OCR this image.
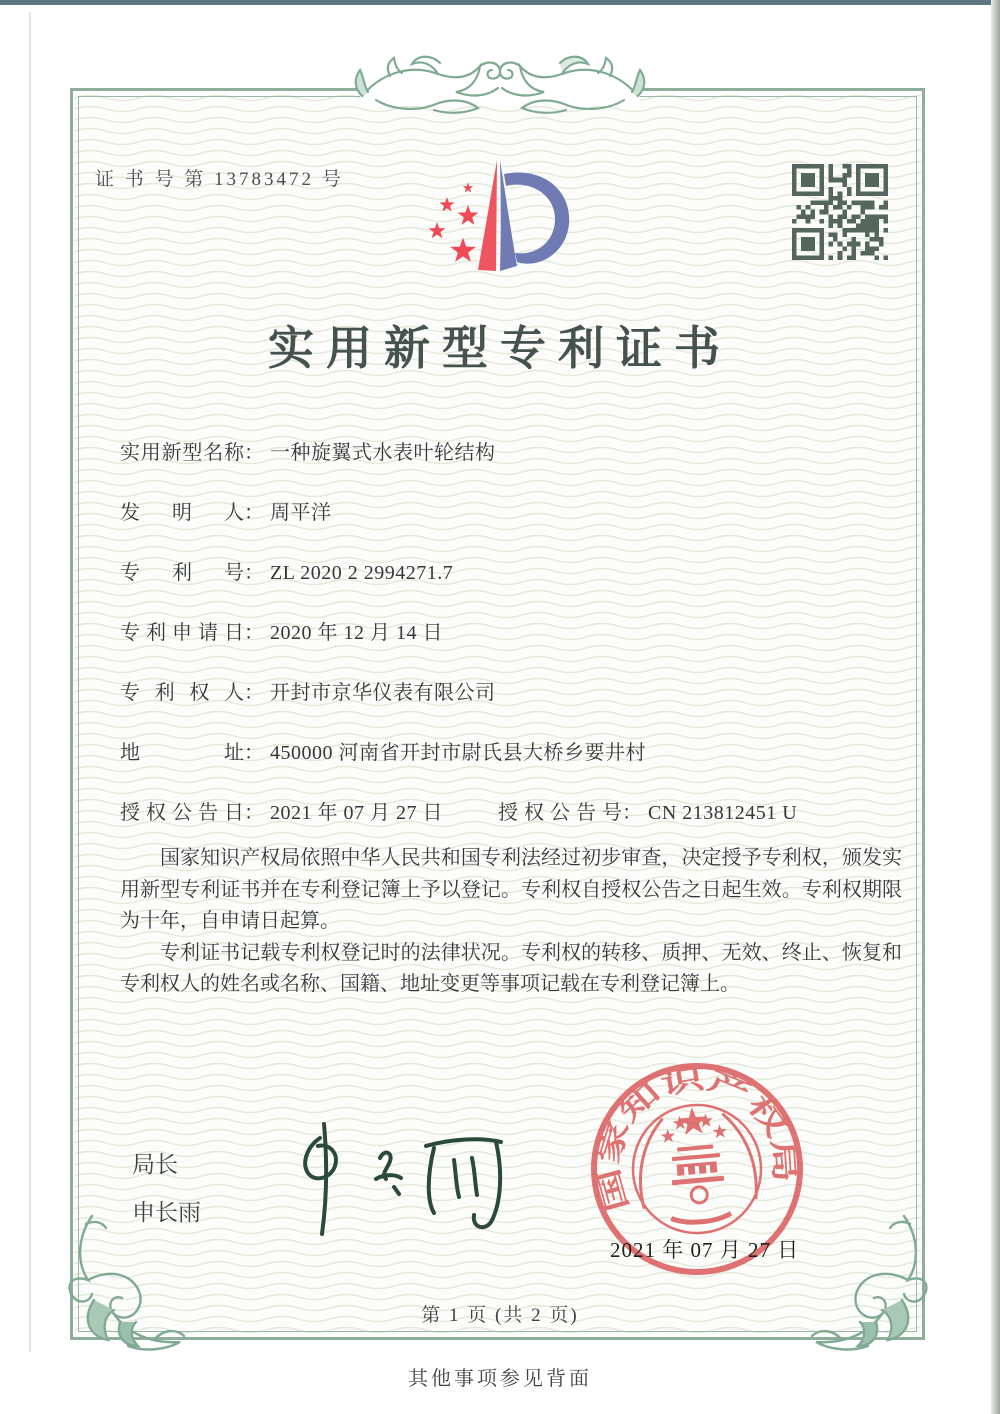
证 书 号 第 13783472 号
实用新型专利证书
实用新型名称： 一种旋翼式水表叶轮结构
发明人： 周平洋
专利号： ZL 2020 2 2994271.7
专利申请日： 2020 年 12 月 14 日
专利权人： 开封市京华仪表有限公司
地址： 450000 河南省开封市尉氏县大桥乡要井村
授权公告日： 2021 年 07 月 27 日	授权公告号： CN 213812451 U

国家知识产权局依照中华人民共和国专利法经过初步审查，决定授予专利权，颁发实用新型专利证书并在专利登记簿上予以登记。专利权自授权公告之日起生效。专利权期限为十年，自申请日起算。

专利证书记载专利权登记时的法律状况。专利权的转移、质押、无效、终止、恢复和专利权人的姓名或名称、国籍、地址变更等事项记载在专利登记簿上。

局长
申长雨	国家知识产权局
2021 年 07 月 27 日
第 1 页 (共 2 页)
其他事项参见背面
